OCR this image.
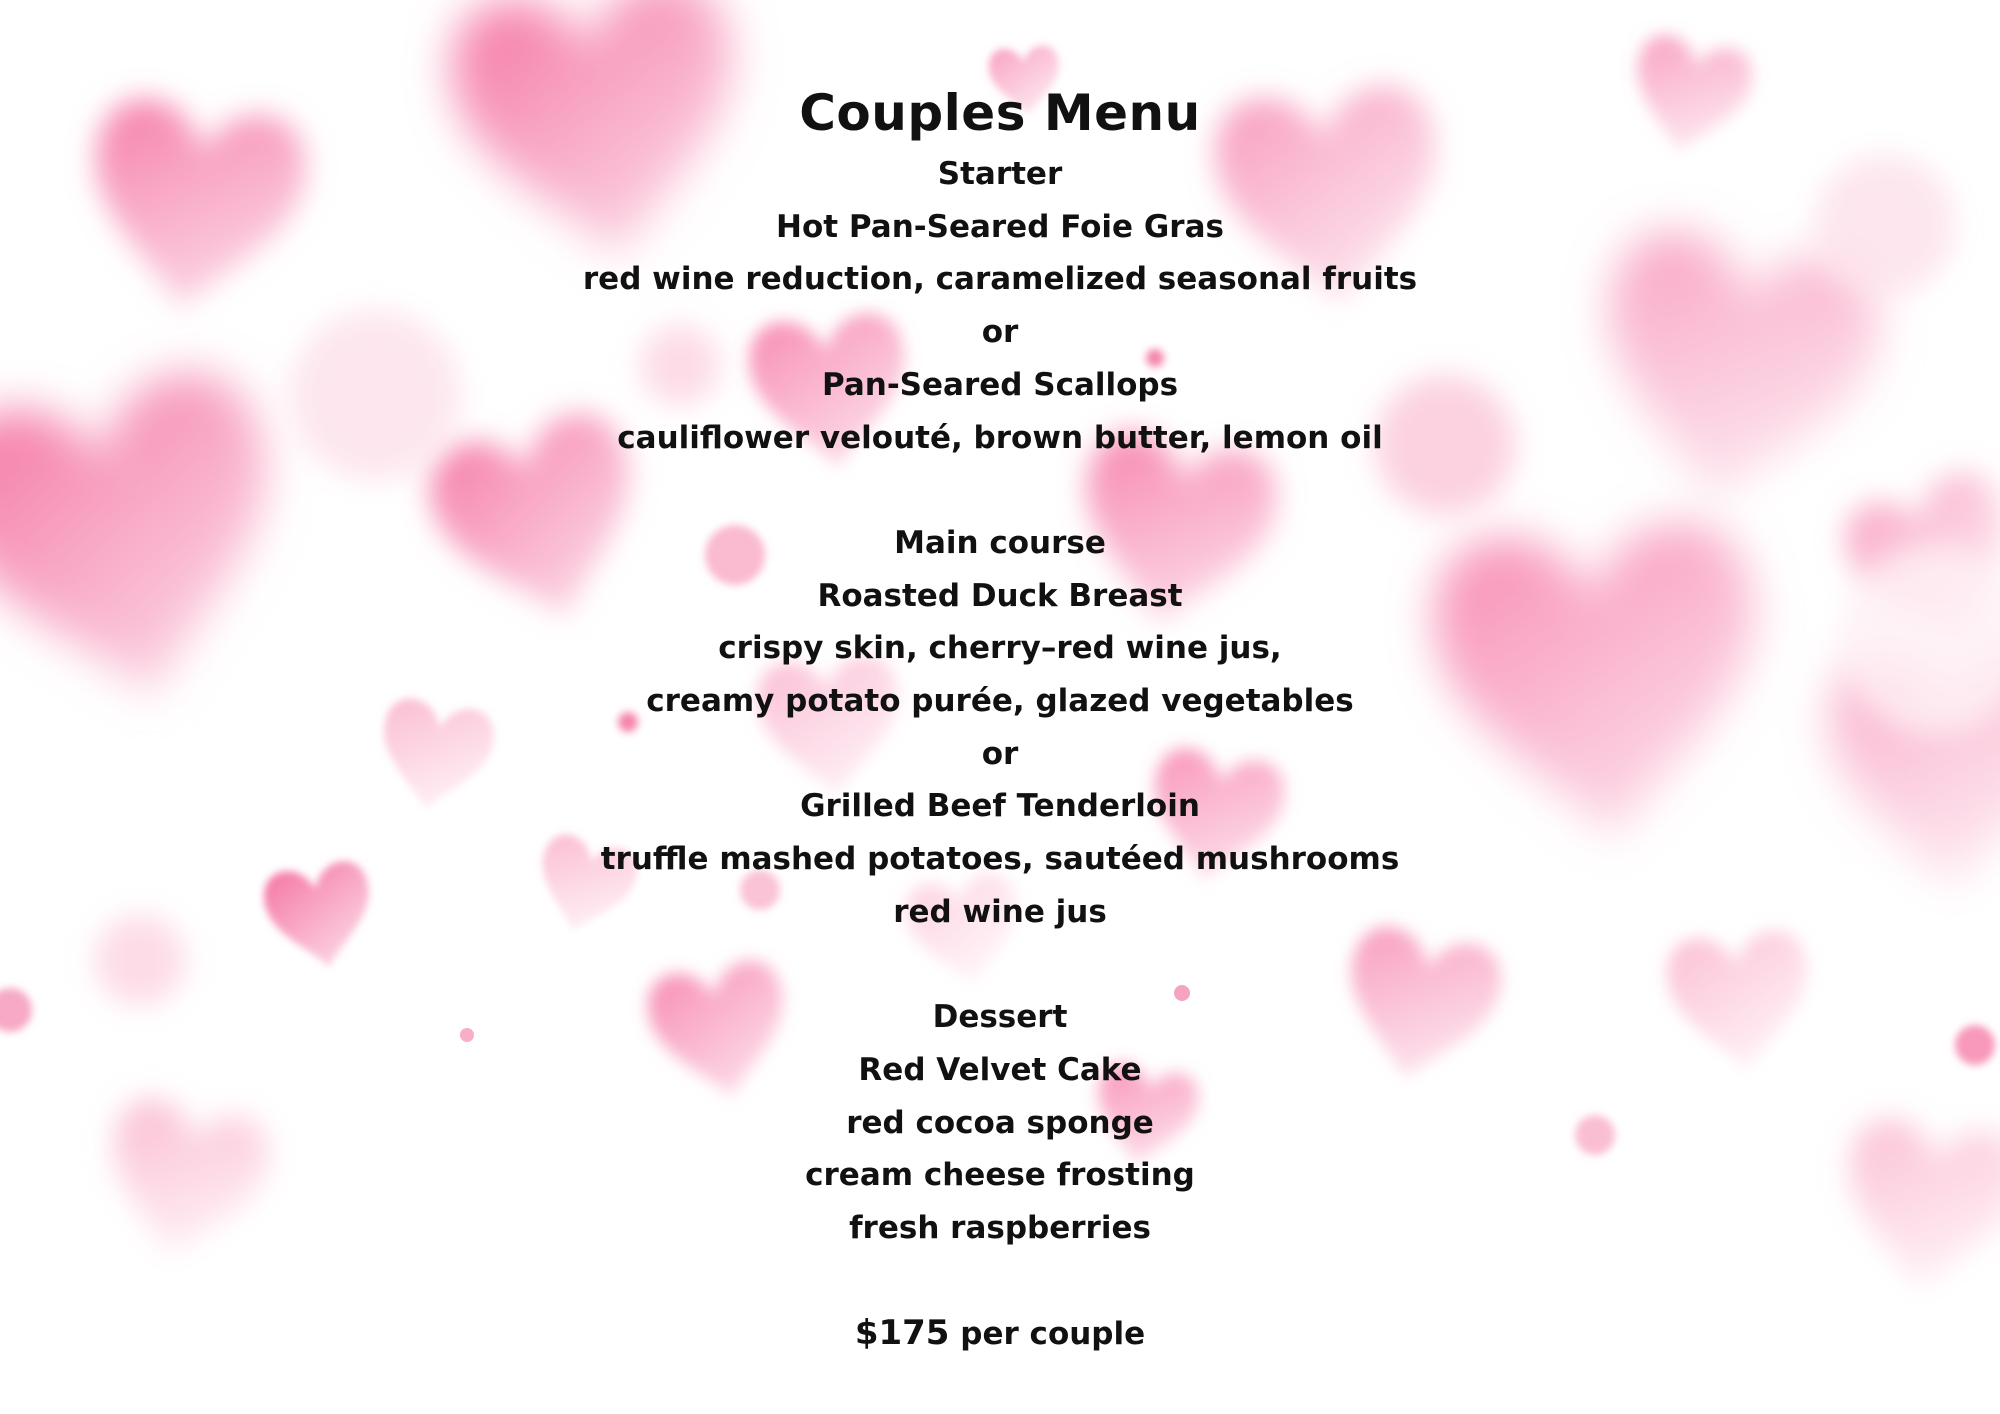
Couples Menu

Starter

Hot Pan-Seared Foie Gras

red wine reduction, caramelized seasonal fruits

or

Pan-Seared Scallops

cauliflower velouté, brown butter, lemon oil

Main course

Roasted Duck Breast

crispy skin, cherry–red wine jus,

creamy potato purée, glazed vegetables

or

Grilled Beef Tenderloin

truffle mashed potatoes, sautéed mushrooms

red wine jus

Dessert

Red Velvet Cake

red cocoa sponge

cream cheese frosting

fresh raspberries

$175 per couple
